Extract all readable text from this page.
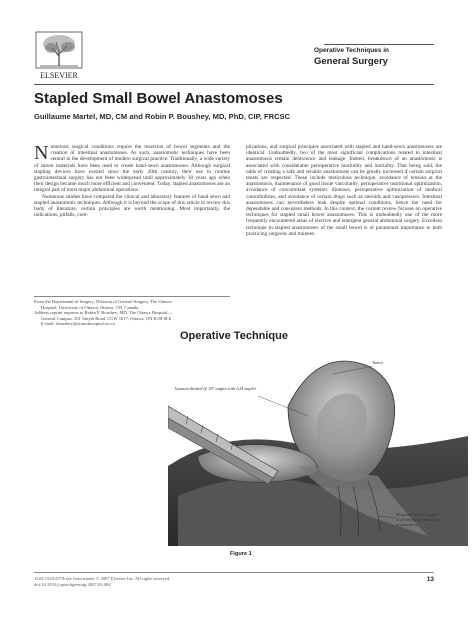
ELSEVIER
Operative Techniques in
General Surgery
Stapled Small Bowel Anastomoses
Guillaume Martel, MD, CM and Robin P. Boushey, MD, PhD, CIP, FRCSC

Numerous surgical conditions require the resection of bowel segments and the creation of intestinal anastomoses. As such, anastomotic techniques have been central to the development of modern surgical practice. Traditionally, a wide variety of suture materials have been used to create hand-sewn anastomoses. Although surgical stapling devices have existed since the early 20th century, their use in routine gastrointestinal surgery has not been widespread until approximately 30 years ago when their design became much more efficient and convenient. Today, stapled anastomoses are an integral part of most major abdominal operations.

Numerous studies have compared the clinical and laboratory features of hand sewn and stapled anastomotic techniques. Although it is beyond the scope of this article to review this body of literature, certain principles are worth mentioning. Most importantly, the indications, pitfalls, com-

plications, and surgical principles associated with stapled and hand-sewn anastomoses are identical. Undoubtedly, two of the most significant complications related to intestinal anastomosis remain dehiscence and leakage. Indeed, breakdown of an anastomosis is associated with considerable perioperative morbidity and mortality. That being said, the odds of creating a safe and reliable anastomosis can be greatly increased if certain surgical tenets are respected. These include meticulous technique, avoidance of tension at the anastomosis, maintenance of good tissue vascularity, perioperative nutritional optimization, avoidance of concomitant systemic illnesses, perioperative optimization of medical comorbidities, and avoidance of certain drugs such as steroids and vasopressors. Intestinal anastomoses can nevertheless leak despite optimal conditions, hence the need for dependable and consistent methods. In this context, the current review focuses on operative techniques for stapled small bowel anastomoses. This is undoubtedly one of the more frequently encountered areas of elective and emergent general abdominal surgery. Excellent technique in stapled anastomoses of the small bowel is of paramount importance to both practicing surgeons and trainees.

From the Department of Surgery, Division of General Surgery, The Ottawa

Hospital, University of Ottawa, Ottawa, ON, Canada.

Address reprint requests to Robin P. Boushey, MD, The Ottawa Hospital—

General Campus, 501 Smyth Road, CCW 1617, Ottawa, ON K1H 8L6

E-mail: rboushey@ottawahospital.on.ca

Operative Technique
Tumor
Jejunum divided @ 30° angles with GIA stapler
Marginal vessels ligated
& divided with dissection
of mesentery
Figure 1

1524-153X/07/$-see front matter © 2007 Elsevier Inc. All rights reserved.

doi:10.1053/j.optechgensurg.2007.03.004

13
